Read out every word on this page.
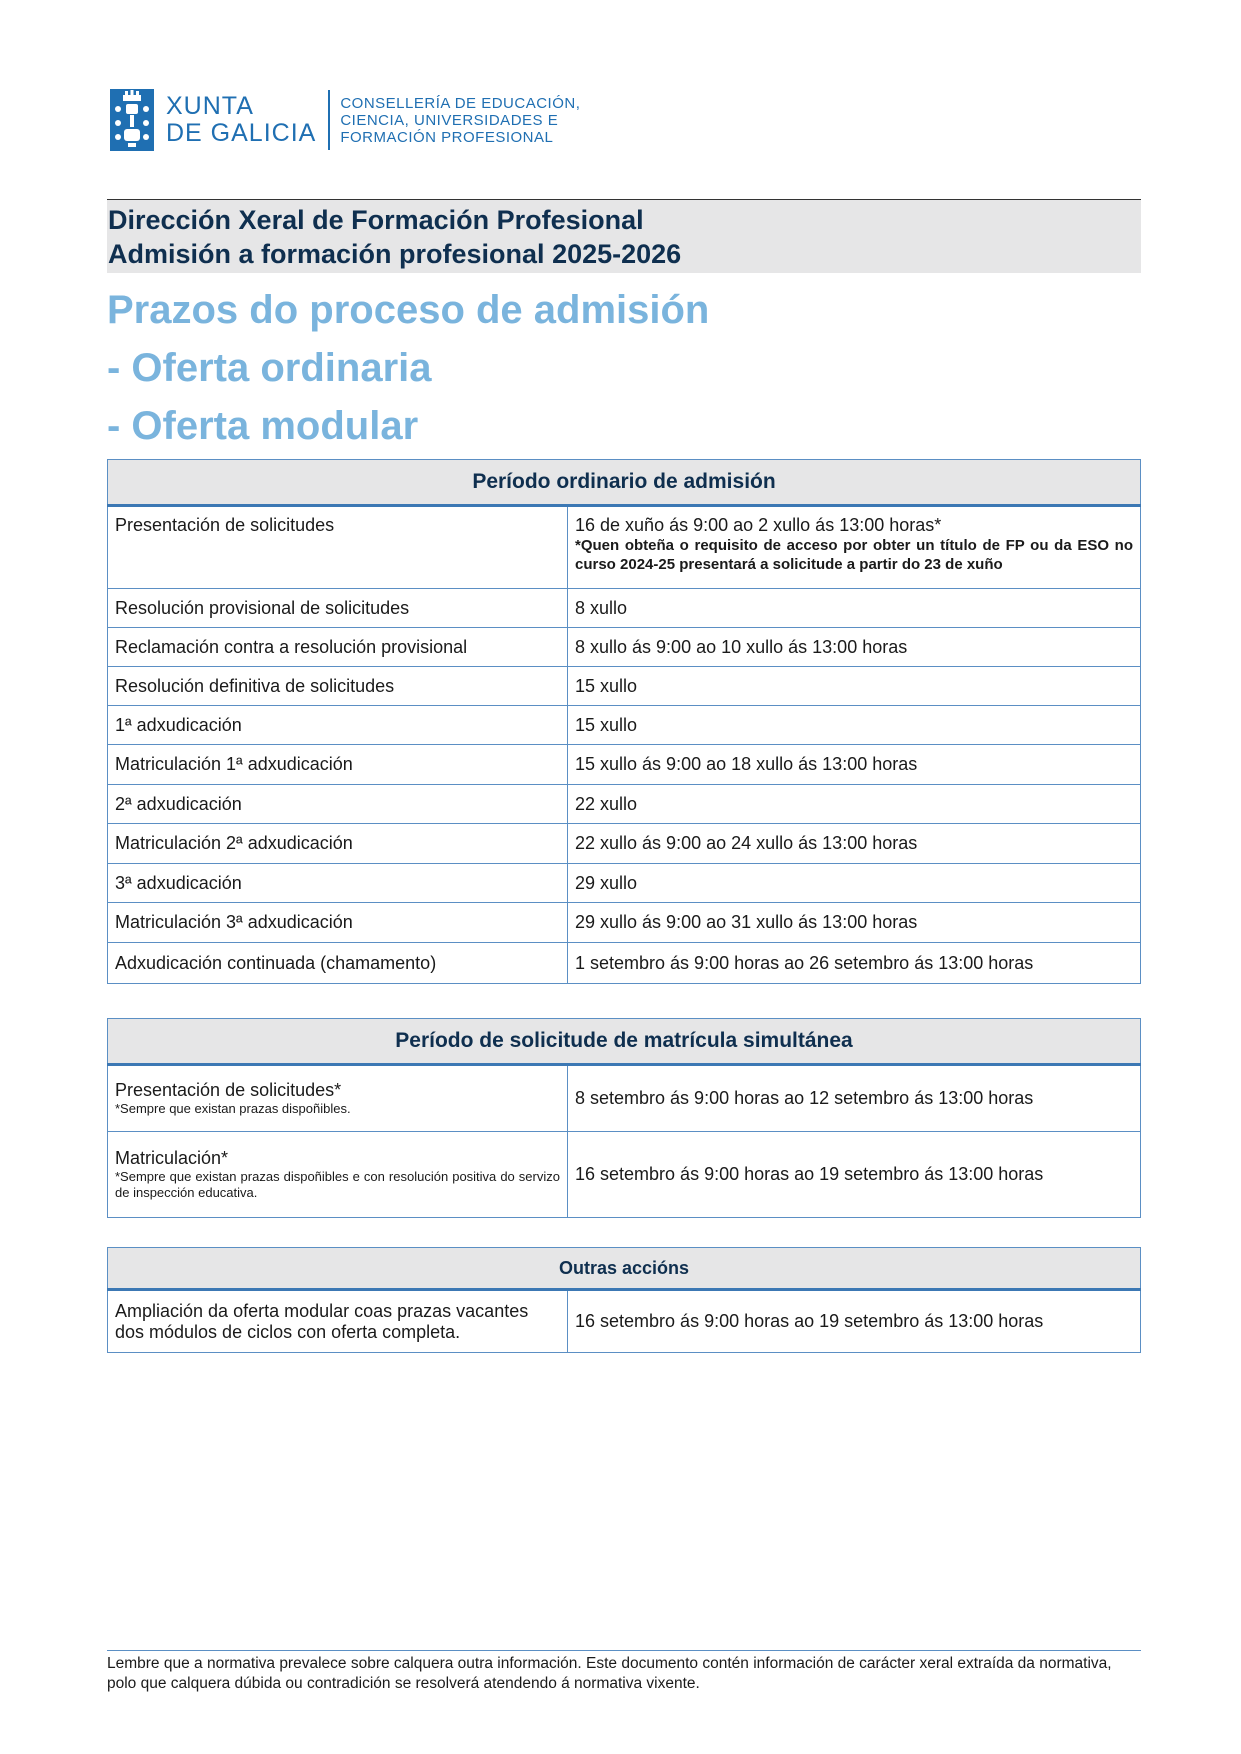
XUNTA
DE GALICIA
CONSELLERÍA DE EDUCACIÓN,
CIENCIA, UNIVERSIDADES E
FORMACIÓN PROFESIONAL
Dirección Xeral de Formación Profesional
Admisión a formación profesional 2025-2026
Prazos do proceso de admisión
- Oferta ordinaria
- Oferta modular
Período ordinario de admisión	
Presentación de solicitudes	16 de xuño ás 9:00 ao 2 xullo ás 13:00 horas*
*Quen obteña o requisito de acceso por obter un título de FP ou da ESO no curso 2024-25 presentará a solicitude a partir do 23 de xuño

Resolución provisional de solicitudes	8 xullo
Reclamación contra a resolución provisional	8 xullo ás 9:00 ao 10 xullo ás 13:00 horas
Resolución definitiva de solicitudes	15 xullo
1ª adxudicación	15 xullo
Matriculación 1ª adxudicación	15 xullo ás 9:00 ao 18 xullo ás 13:00 horas
2ª adxudicación	22 xullo
Matriculación 2ª adxudicación	22 xullo ás 9:00 ao 24 xullo ás 13:00 horas
3ª adxudicación	29 xullo
Matriculación 3ª adxudicación	29 xullo ás 9:00 ao 31 xullo ás 13:00 horas
Adxudicación continuada (chamamento)	1 setembro ás 9:00 horas ao 26 setembro ás 13:00 horas
Período de solicitude de matrícula simultánea	

Presentación de solicitudes*
*Sempre que existan prazas dispoñibles.	8 setembro ás 9:00 horas ao 12 setembro ás 13:00 horas

Matriculación*
*Sempre que existan prazas dispoñibles e con resolución positiva do servizo de inspección educativa.	16 setembro ás 9:00 horas ao 19 setembro ás 13:00 horas
Outras accións
Ampliación da oferta modular coas prazas vacantes dos módulos de ciclos con oferta completa.	16 setembro ás 9:00 horas ao 19 setembro ás 13:00 horas
Lembre que a normativa prevalece sobre calquera outra información. Este documento contén información de carácter xeral extraída da normativa, polo que calquera dúbida ou contradición se resolverá atendendo á normativa vixente.
